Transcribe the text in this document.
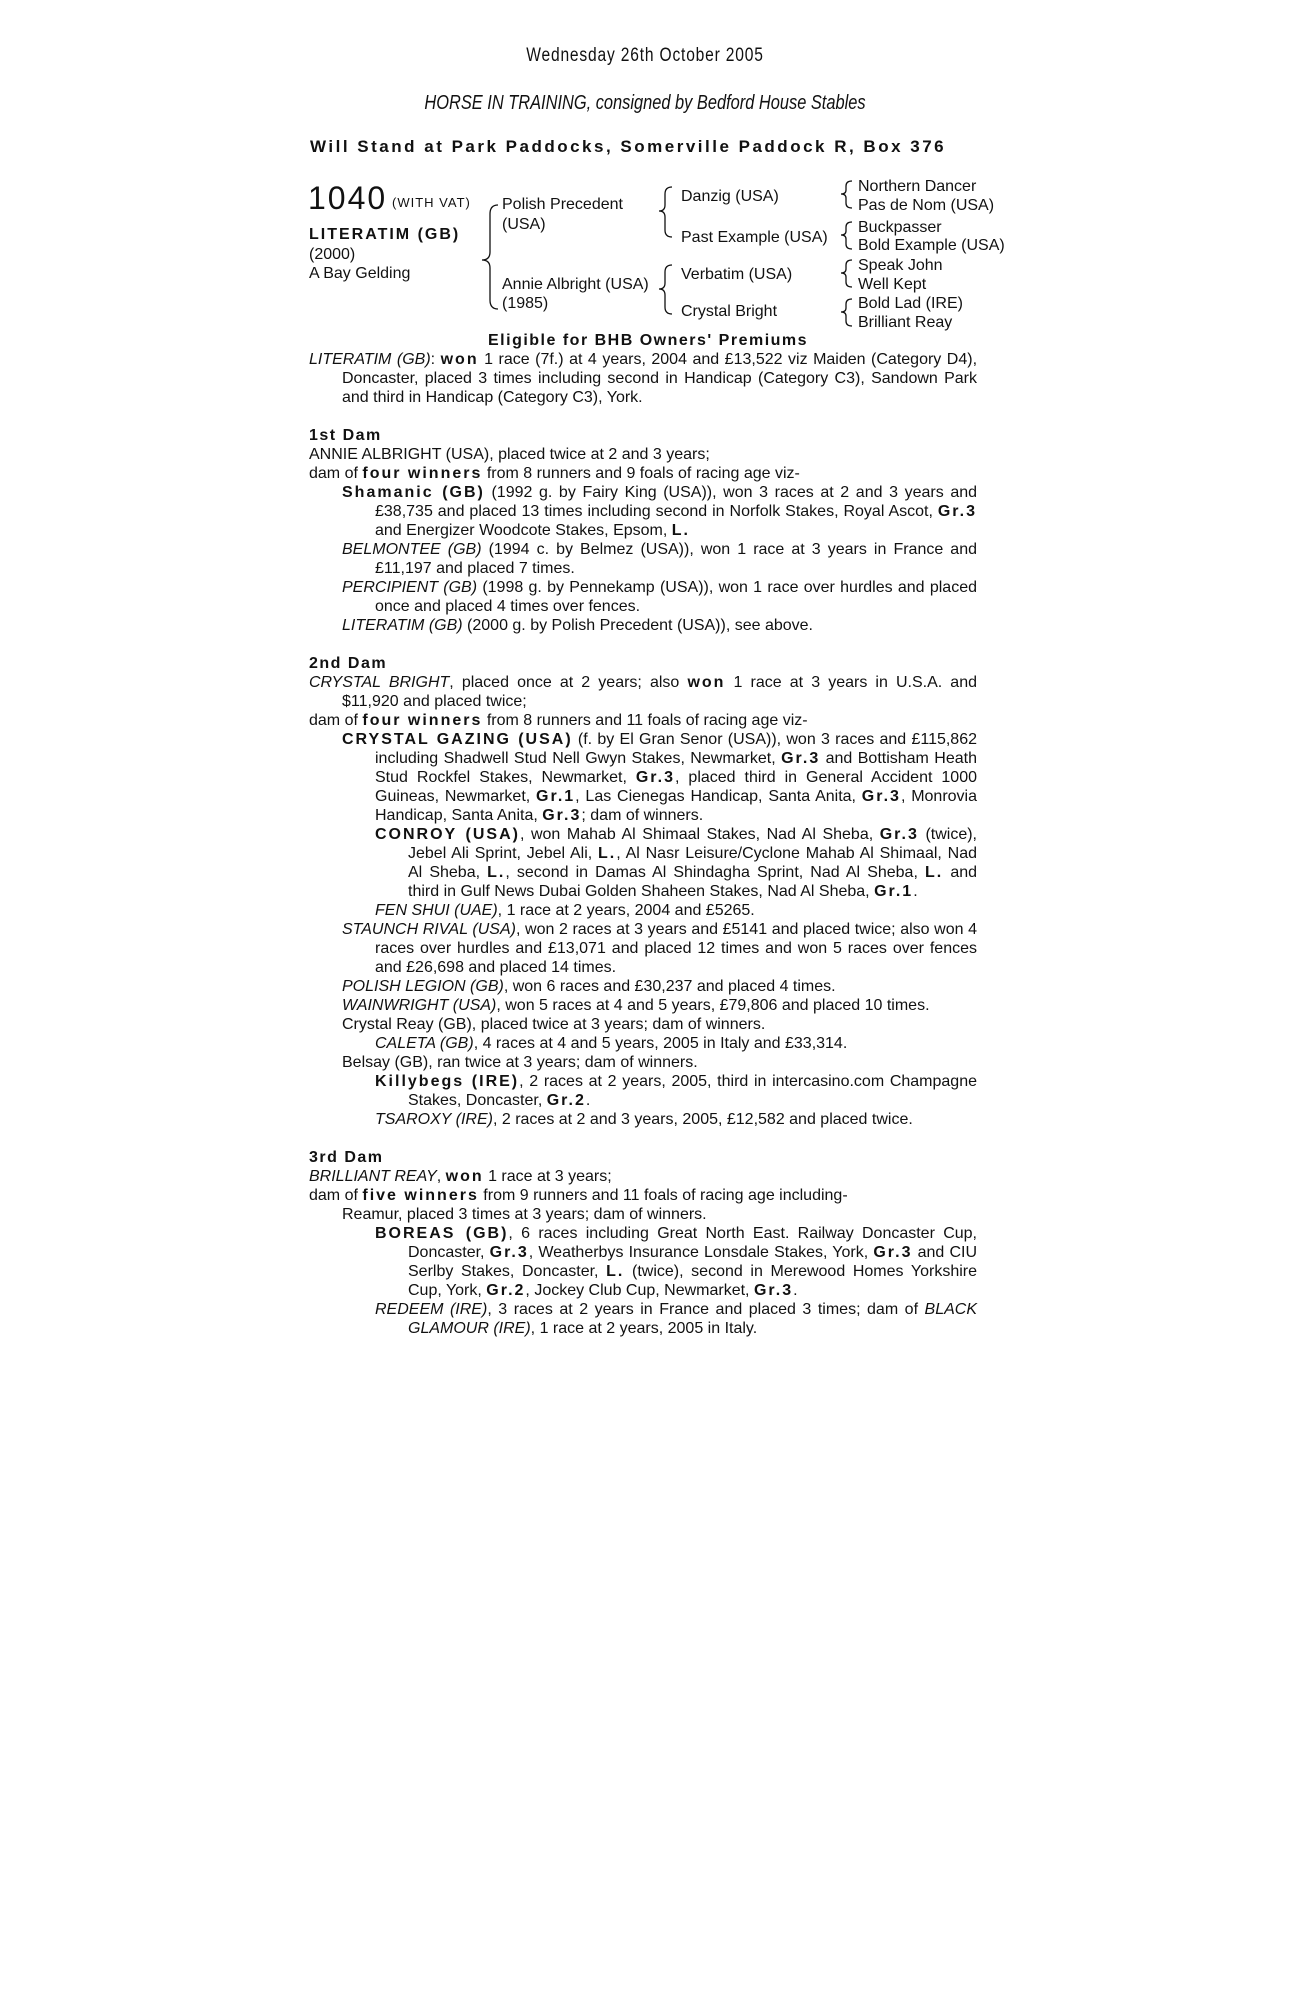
Wednesday 26th October 2005
HORSE IN TRAINING, consigned by Bedford House Stables
Will Stand at Park Paddocks, Somerville Paddock R, Box 376
1040 (WITH VAT)
LITERATIM (GB)
(2000)
A Bay Gelding
Polish Precedent
(USA)
Annie Albright (USA)
(1985)
Danzig (USA)
Past Example (USA)
Verbatim (USA)
Crystal Bright
Northern Dancer
Pas de Nom (USA)
Buckpasser
Bold Example (USA)
Speak John
Well Kept
Bold Lad (IRE)
Brilliant Reay
Eligible for BHB Owners' Premiums

LITERATIM (GB): won 1 race (7f.) at 4 years, 2004 and £13,522 viz Maiden (Category D4), Doncaster, placed 3 times including second in Handicap (Category C3), Sandown Park and third in Handicap (Category C3), York.

1st Dam

ANNIE ALBRIGHT (USA), placed twice at 2 and 3 years;

dam of four winners from 8 runners and 9 foals of racing age viz-

Shamanic (GB) (1992 g. by Fairy King (USA)), won 3 races at 2 and 3 years and £38,735 and placed 13 times including second in Norfolk Stakes, Royal Ascot, Gr.3 and Energizer Woodcote Stakes, Epsom, L.

BELMONTEE (GB) (1994 c. by Belmez (USA)), won 1 race at 3 years in France and £11,197 and placed 7 times.

PERCIPIENT (GB) (1998 g. by Pennekamp (USA)), won 1 race over hurdles and placed once and placed 4 times over fences.

LITERATIM (GB) (2000 g. by Polish Precedent (USA)), see above.

2nd Dam

CRYSTAL BRIGHT, placed once at 2 years; also won 1 race at 3 years in U.S.A. and $11,920 and placed twice;

dam of four winners from 8 runners and 11 foals of racing age viz-

CRYSTAL GAZING (USA) (f. by El Gran Senor (USA)), won 3 races and £115,862 including Shadwell Stud Nell Gwyn Stakes, Newmarket, Gr.3 and Bottisham Heath Stud Rockfel Stakes, Newmarket, Gr.3, placed third in General Accident 1000 Guineas, Newmarket, Gr.1, Las Cienegas Handicap, Santa Anita, Gr.3, Monrovia Handicap, Santa Anita, Gr.3; dam of winners.

CONROY (USA), won Mahab Al Shimaal Stakes, Nad Al Sheba, Gr.3 (twice), Jebel Ali Sprint, Jebel Ali, L., Al Nasr Leisure/Cyclone Mahab Al Shimaal, Nad Al Sheba, L., second in Damas Al Shindagha Sprint, Nad Al Sheba, L. and third in Gulf News Dubai Golden Shaheen Stakes, Nad Al Sheba, Gr.1.

FEN SHUI (UAE), 1 race at 2 years, 2004 and £5265.

STAUNCH RIVAL (USA), won 2 races at 3 years and £5141 and placed twice; also won 4 races over hurdles and £13,071 and placed 12 times and won 5 races over fences and £26,698 and placed 14 times.

POLISH LEGION (GB), won 6 races and £30,237 and placed 4 times.

WAINWRIGHT (USA), won 5 races at 4 and 5 years, £79,806 and placed 10 times.

Crystal Reay (GB), placed twice at 3 years; dam of winners.

CALETA (GB), 4 races at 4 and 5 years, 2005 in Italy and £33,314.

Belsay (GB), ran twice at 3 years; dam of winners.

Killybegs (IRE), 2 races at 2 years, 2005, third in intercasino.com Champagne Stakes, Doncaster, Gr.2.

TSAROXY (IRE), 2 races at 2 and 3 years, 2005, £12,582 and placed twice.

3rd Dam

BRILLIANT REAY, won 1 race at 3 years;

dam of five winners from 9 runners and 11 foals of racing age including-

Reamur, placed 3 times at 3 years; dam of winners.

BOREAS (GB), 6 races including Great North East. Railway Doncaster Cup, Doncaster, Gr.3, Weatherbys Insurance Lonsdale Stakes, York, Gr.3 and CIU Serlby Stakes, Doncaster, L. (twice), second in Merewood Homes Yorkshire Cup, York, Gr.2, Jockey Club Cup, Newmarket, Gr.3.

REDEEM (IRE), 3 races at 2 years in France and placed 3 times; dam of BLACK GLAMOUR (IRE), 1 race at 2 years, 2005 in Italy.
